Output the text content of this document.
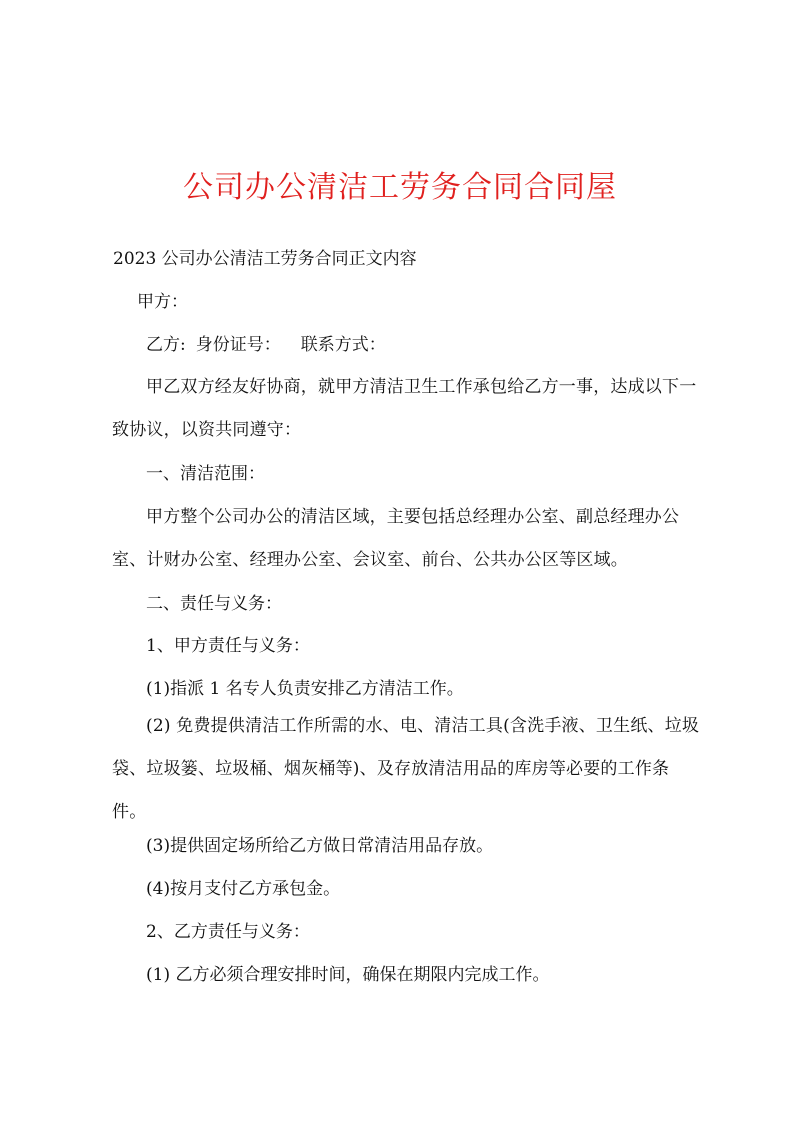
公司办公清洁工劳务合同合同屋
2023 公司办公清洁工劳务合同正文内容
甲方：
乙方: 身份证号： 联系方式：
甲乙双方经友好协商，就甲方清洁卫生工作承包给乙方一事，达成以下一致协议，以资共同遵守：
一、清洁范围：
甲方整个公司办公的清洁区域，主要包括总经理办公室、副总经理办公室、计财办公室、经理办公室、会议室、前台、公共办公区等区域。
二、责任与义务：
1、甲方责任与义务：
(1)指派 1 名专人负责安排乙方清洁工作。
(2) 免费提供清洁工作所需的水、电、清洁工具(含洗手液、卫生纸、垃圾袋、垃圾篓、垃圾桶、烟灰桶等)、及存放清洁用品的库房等必要的工作条件。
(3)提供固定场所给乙方做日常清洁用品存放。
(4)按月支付乙方承包金。
2、乙方责任与义务：
(1) 乙方必须合理安排时间，确保在期限内完成工作。
